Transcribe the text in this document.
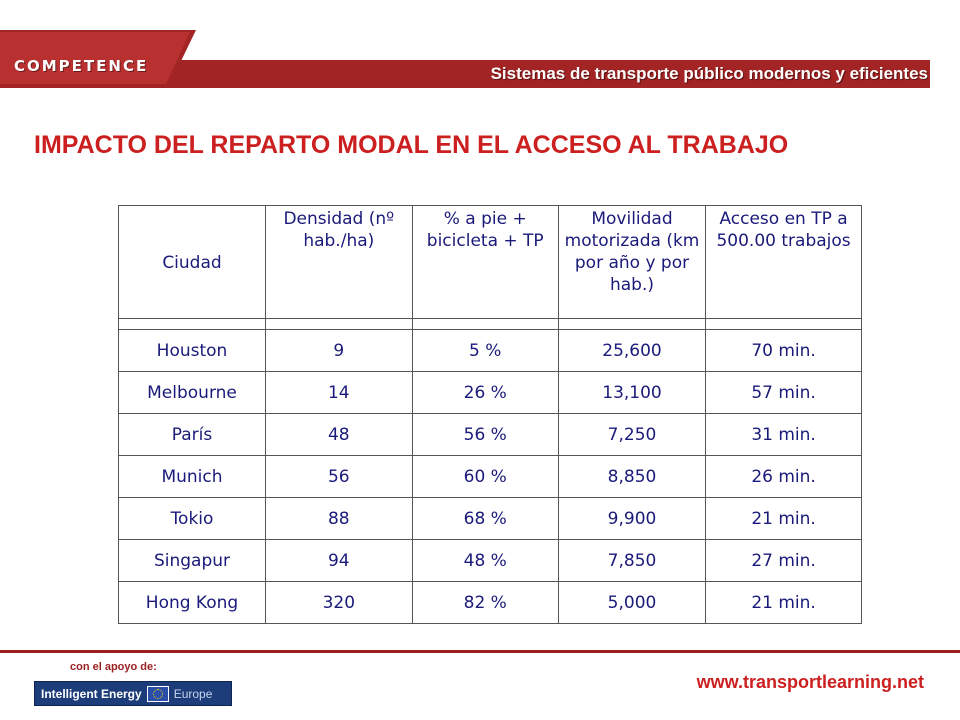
COMPETENCE	Sistemas de transporte público modernos y eficientes
IMPACTO DEL REPARTO MODAL EN EL ACCESO AL TRABAJO
Ciudad	Densidad (nº hab./ha)	% a pie + bicicleta + TP	Movilidad motorizada (km por año y por hab.)	Acceso en TP a 500.00 trabajos

Houston	9	5 %	25,600	70 min.
Melbourne	14	26 %	13,100	57 min.
París	48	56 %	7,250	31 min.
Munich	56	60 %	8,850	26 min.
Tokio	88	68 %	9,900	21 min.
Singapur	94	48 %	7,850	27 min.
Hong Kong	320	82 %	5,000	21 min.
con el apoyo de:
Intelligent Energy	Europe
www.transportlearning.net
